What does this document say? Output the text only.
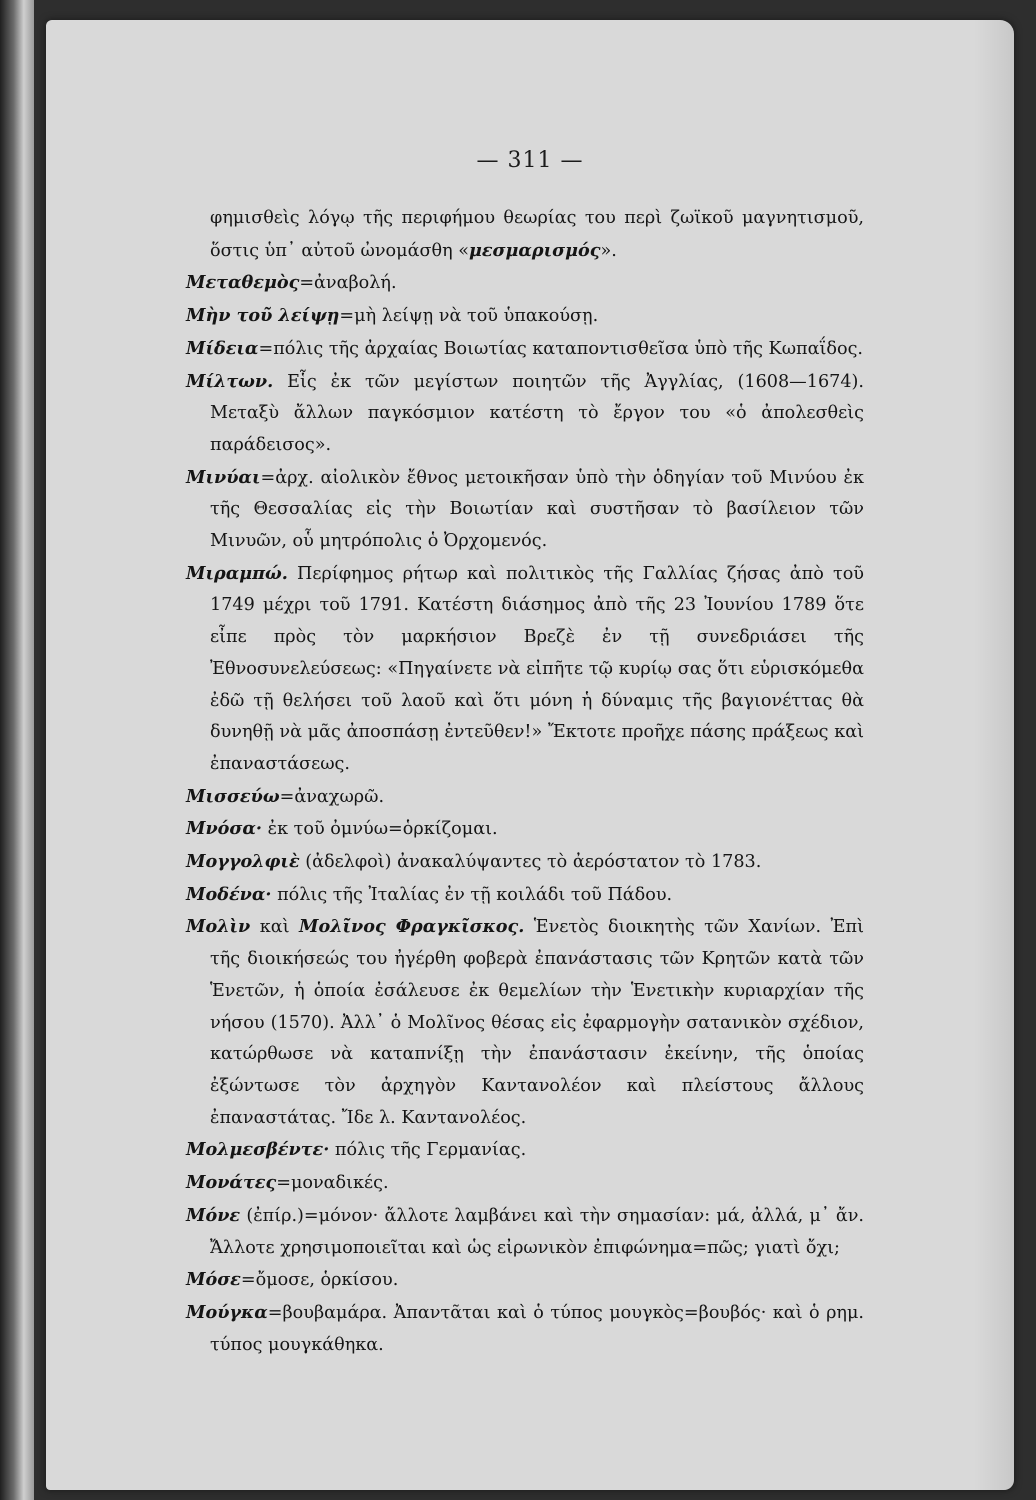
— 311 —

φημισθεὶς λόγῳ τῆς περιφήμου θεωρίας του περὶ ζωϊκοῦ μαγνητισμοῦ, ὅστις ὑπ᾽ αὐτοῦ ὠνομάσθη «μεσμαρισμός».

Μεταθεμὸς=ἀναβολή.

Μὴν τοῦ λείψῃ=μὴ λείψῃ νὰ τοῦ ὑπακούσῃ.

Μίδεια=πόλις τῆς ἀρχαίας Βοιωτίας καταποντισθεῖσα ὑπὸ τῆς Κωπαΐδος.

Μίλτων. Εἷς ἐκ τῶν μεγίστων ποιητῶν τῆς Ἀγγλίας, (1608—1674). Μεταξὺ ἄλλων παγκόσμιον κατέστη τὸ ἔργον του «ὁ ἀπολεσθεὶς παράδεισος».

Μινύαι=ἀρχ. αἰολικὸν ἔθνος μετοικῆσαν ὑπὸ τὴν ὁδηγίαν τοῦ Μινύου ἐκ τῆς Θεσσαλίας εἰς τὴν Βοιωτίαν καὶ συστῆσαν τὸ βασίλειον τῶν Μινυῶν, οὗ μητρόπολις ὁ Ὀρχομενός.

Μιραμπώ. Περίφημος ρήτωρ καὶ πολιτικὸς τῆς Γαλλίας ζήσας ἀπὸ τοῦ 1749 μέχρι τοῦ 1791. Κατέστη διάσημος ἀπὸ τῆς 23 Ἰουνίου 1789 ὅτε εἶπε πρὸς τὸν μαρκήσιον Βρεζὲ ἐν τῇ συνεδριάσει τῆς Ἐθνοσυνελεύσεως: «Πηγαίνετε νὰ εἰπῆτε τῷ κυρίῳ σας ὅτι εὑρισκόμεθα ἐδῶ τῇ θελήσει τοῦ λαοῦ καὶ ὅτι μόνη ἡ δύναμις τῆς βαγιονέττας θὰ δυνηθῇ νὰ μᾶς ἀποσπάσῃ ἐντεῦθεν!» Ἔκτοτε προῆχε πάσης πράξεως καὶ ἐπαναστάσεως.

Μισσεύω=ἀναχωρῶ.

Μνόσα· ἐκ τοῦ ὀμνύω=ὁρκίζομαι.

Μογγολφιὲ (ἀδελφοὶ) ἀνακαλύψαντες τὸ ἀερόστατον τὸ 1783.

Μοδένα· πόλις τῆς Ἰταλίας ἐν τῇ κοιλάδι τοῦ Πάδου.

Μολὶν καὶ Μολῖνος Φραγκῖσκος. Ἑνετὸς διοικητὴς τῶν Χανίων. Ἐπὶ τῆς διοικήσεώς του ἠγέρθη φοβερὰ ἐπανάστασις τῶν Κρητῶν κατὰ τῶν Ἑνετῶν, ἡ ὁποία ἐσάλευσε ἐκ θεμελίων τὴν Ἑνετικὴν κυριαρχίαν τῆς νήσου (1570). Ἀλλ᾽ ὁ Μολῖνος θέσας εἰς ἐφαρμογὴν σατανικὸν σχέδιον, κατώρθωσε νὰ καταπνίξῃ τὴν ἐπανάστασιν ἐκείνην, τῆς ὁποίας ἐξώντωσε τὸν ἀρχηγὸν Καντανολέον καὶ πλείστους ἄλλους ἐπαναστάτας. Ἴδε λ. Καντανολέος.

Μολμεσβέντε· πόλις τῆς Γερμανίας.

Μονάτες=μοναδικές.

Μόνε (ἐπίρ.)=μόνον· ἄλλοτε λαμβάνει καὶ τὴν σημασίαν: μά, ἀλλά, μ᾽ ἄν. Ἄλλοτε χρησιμοποιεῖται καὶ ὡς εἰρωνικὸν ἐπιφώνημα=πῶς; γιατὶ ὄχι;

Μόσε=ὄμοσε, ὁρκίσου.

Μούγκα=βουβαμάρα. Ἀπαντᾶται καὶ ὁ τύπος μουγκὸς=βουβός· καὶ ὁ ρημ. τύπος μουγκάθηκα.
